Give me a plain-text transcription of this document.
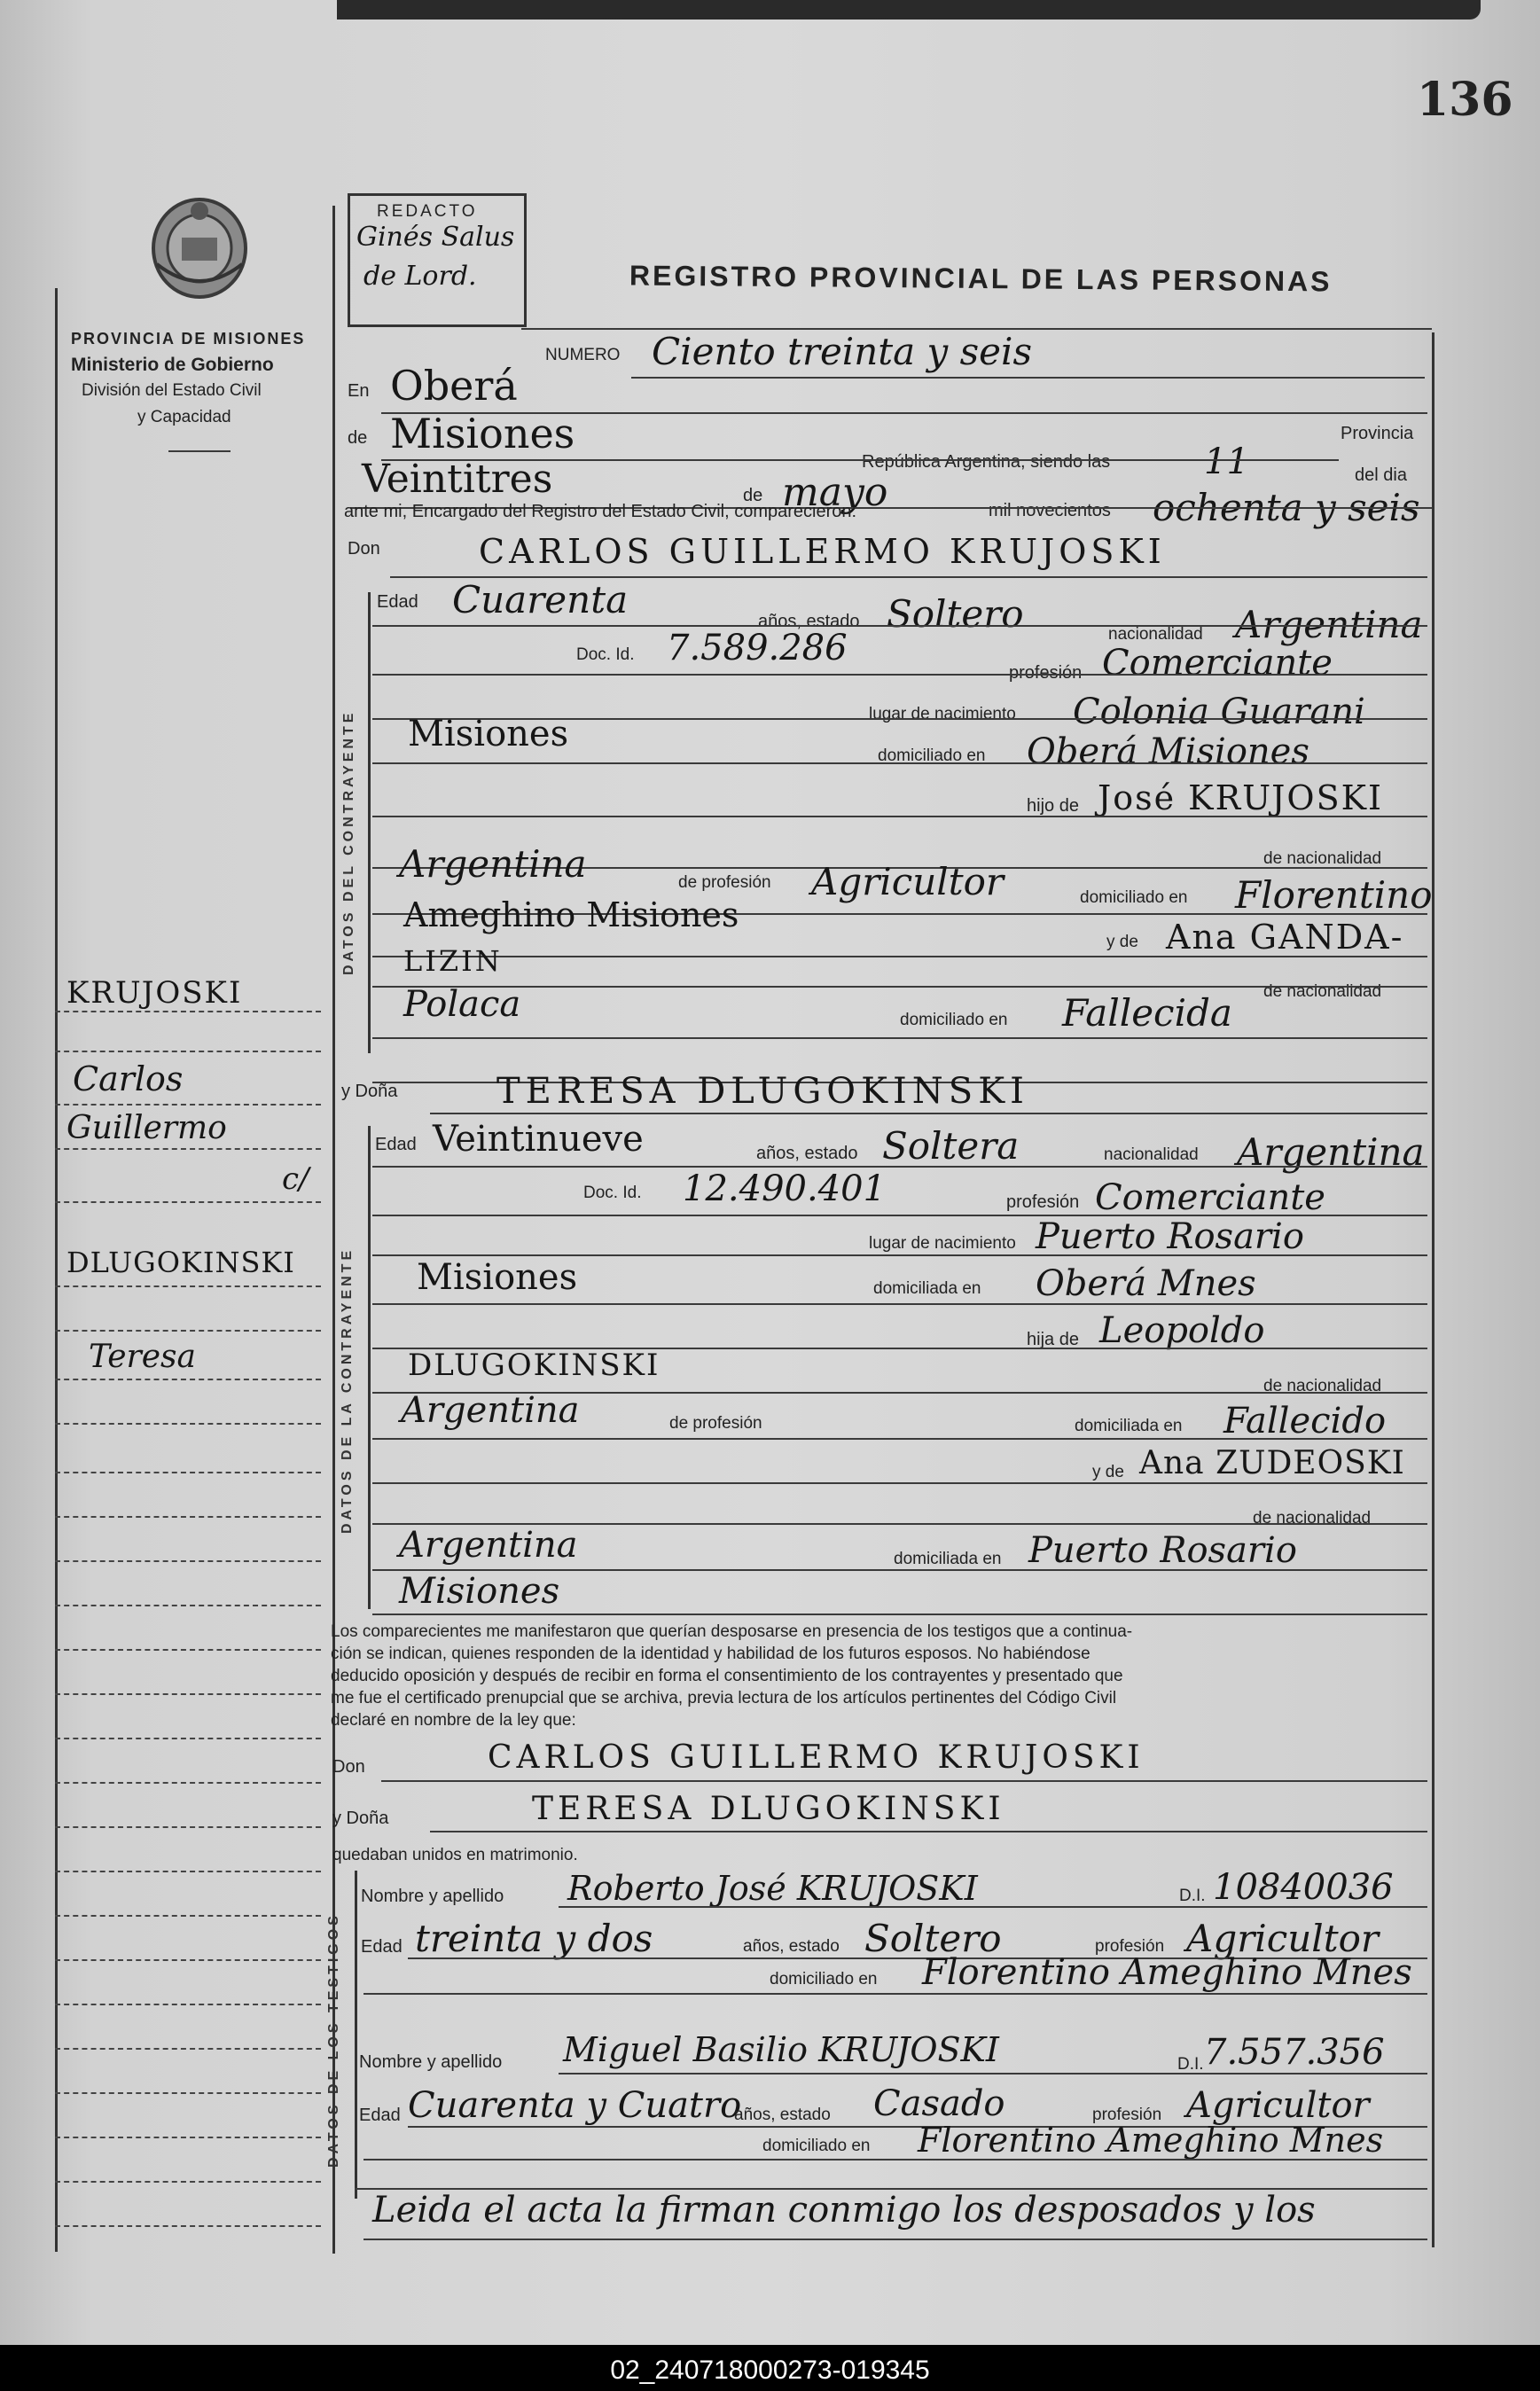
136
PROVINCIA DE MISIONES
Ministerio de Gobierno
División del Estado Civil
y Capacidad
REDACTO
Ginés Salus
de Lord.	REGISTRO PROVINCIAL DE LAS PERSONAS
KRUJOSKI
Carlos
Guillermo
c/
DLUGOKINSKI
Teresa
NUMERO Ciento treinta y seis
En Oberá
de Misiones
República Argentina, siendo las	11
Provincia
del dia
Veintitres	de mayo	mil novecientos ochenta y seis
ante mi, Encargado del Registro del Estado Civil, comparecieron:
Don	CARLOS GUILLERMO KRUJOSKI
DATOS DEL CONTRAYENTE
Edad Cuarenta	años, estado Soltero	nacionalidad Argentina
Doc. Id. 7.589.286
profesión Comerciante
lugar de nacimiento Colonia Guarani
Misiones
domiciliado en Oberá Misiones
hijo de José KRUJOSKI
de nacionalidad
Argentina	de profesión Agricultor	domiciliado en Florentino
Ameghino Misiones
y de Ana GANDA-
LIZIN
de nacionalidad
Polaca	domiciliado en Fallecida
y Doña	TERESA DLUGOKINSKI
DATOS DE LA CONTRAYENTE
Edad Veintinueve	años, estado Soltera	nacionalidad Argentina
Doc. Id. 12.490.401	profesión Comerciante
lugar de nacimiento Puerto Rosario
Misiones	domiciliada en Oberá Mnes
hija de Leopoldo
DLUGOKINSKI
de nacionalidad
Argentina	de profesión	domiciliada en Fallecido
y de Ana ZUDEOSKI
de nacionalidad
Argentina	domiciliada en Puerto Rosario
Misiones
Los comparecientes me manifestaron que querían desposarse en presencia de los testigos que a continua-
ción se indican, quienes responden de la identidad y habilidad de los futuros esposos. No habiéndose
deducido oposición y después de recibir en forma el consentimiento de los contrayentes y presentado que
me fue el certificado prenupcial que se archiva, previa lectura de los artículos pertinentes del Código Civil
declaré en nombre de la ley que:
Don	CARLOS GUILLERMO KRUJOSKI
y Doña	TERESA DLUGOKINSKI
quedaban unidos en matrimonio.
DATOS DE LOS TESTIGOS
Nombre y apellido Roberto José KRUJOSKI	D.I. 10840036
Edad treinta y dos	años, estado Soltero	profesión Agricultor
domiciliado en Florentino Ameghino Mnes
Nombre y apellido Miguel Basilio KRUJOSKI	D.I. 7.557.356
Edad Cuarenta y Cuatro
años, estado Casado	profesión Agricultor
domiciliado en Florentino Ameghino Mnes
Leida el acta la firman conmigo los desposados y los
02_240718000273-019345
